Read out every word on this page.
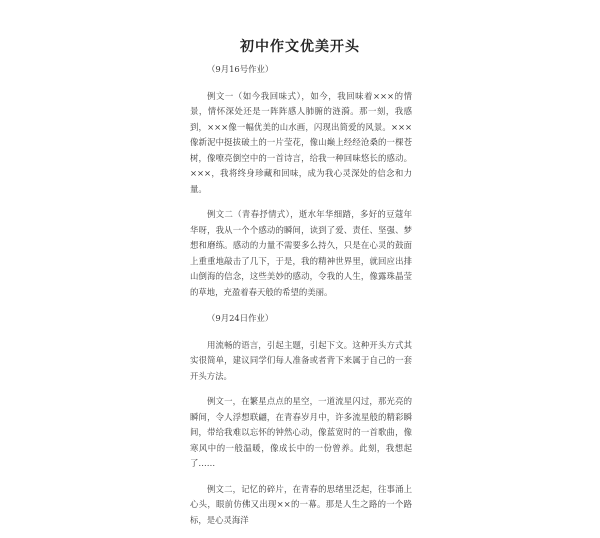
初中作文优美开头
（9月16号作业）

例文一（如今我回味式），如今，我回味着×××的情景，情怀深处还是一阵阵感人肺腑的涟漪。那一刻，我感到，×××像一幅优美的山水画，闪现出简爱的风景。×××像新泥中挺拔破土的一片莹花，像山巅上经经沧桑的一棵苍树，像嘹亮倒空中的一首诗言，给我一种回味悠长的感动。×××，我将终身珍藏和回味，成为我心灵深处的信念和力量。

例文二（青春抒情式），逝水年华细踏，多好的豆蔻年华呀，我从一个个感动的瞬间，读到了爱、责任、坚强、梦想和磨练。感动的力量不需要多么持久，只是在心灵的鼓面上重重地敲击了几下，于是，我的精神世界里，就回应出排山倒海的信念，这些美妙的感动，令我的人生，像露珠晶莹的草地，充盈着春天般的希望的美丽。

（9月24日作业）

用流畅的语言，引起主题，引起下文。这种开头方式其实很简单，建议同学们每人准备或者背下来属于自己的一套开头方法。

例文一，在繁星点点的星空，一道流星闪过，那光亮的瞬间，令人浮想联翩，在青春岁月中，许多流星般的精彩瞬间，带给我难以忘怀的钟然心动，像蓝宽时的一首歌曲，像寒风中的一般温暖，像成长中的一份曾养。此刻，我想起了……

例文二，记忆的碎片，在青春的思绪里泛起，往事涌上心头，眼前仿佛又出现××的一幕。那是人生之路的一个路标，是心灵海洋
